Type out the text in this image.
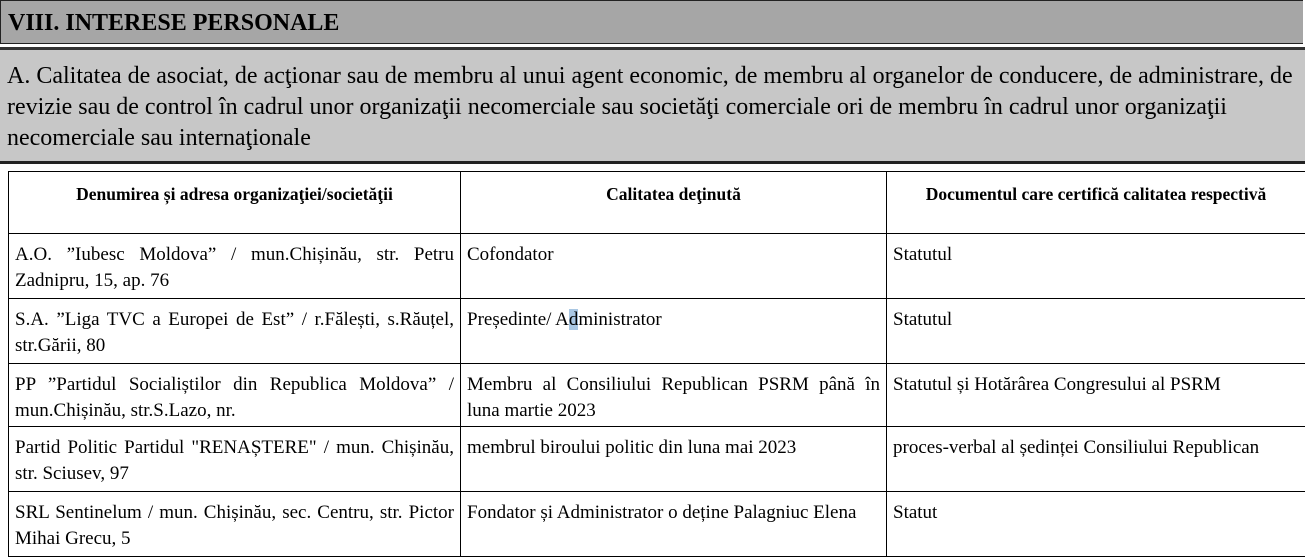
VIII. INTERESE PERSONALE
A. Calitatea de asociat, de acţionar sau de membru al unui agent economic, de membru al organelor de conducere, de administrare, de revizie sau de control în cadrul unor organizaţii necomerciale sau societăţi comerciale ori de membru în cadrul unor organizaţii necomerciale sau internaţionale
Denumirea și adresa organizaţiei/societăţii	Calitatea deţinută	Documentul care certifică calitatea respectivă
A.O. ”Iubesc Moldova” / mun.Chișinău, str. Petru Zadnipru, 15, ap. 76	Cofondator	Statutul
S.A. ”Liga TVC a Europei de Est” / r.Fălești, s.Răuțel, str.Gării, 80	Președinte/ Administrator	Statutul
PP ”Partidul Socialiștilor din Republica Moldova” / mun.Chișinău, str.S.Lazo, nr.	Membru al Consiliului Republican PSRM până în luna martie 2023	Statutul și Hotărârea Congresului al PSRM
Partid Politic Partidul "RENAȘTERE" / mun. Chișinău, str. Sciusev, 97	membrul biroului politic din luna mai 2023	proces-verbal al ședinței Consiliului Republican
SRL Sentinelum / mun. Chișinău, sec. Centru, str. Pictor Mihai Grecu, 5	Fondator și Administrator o deține Palagniuc Elena	Statut
